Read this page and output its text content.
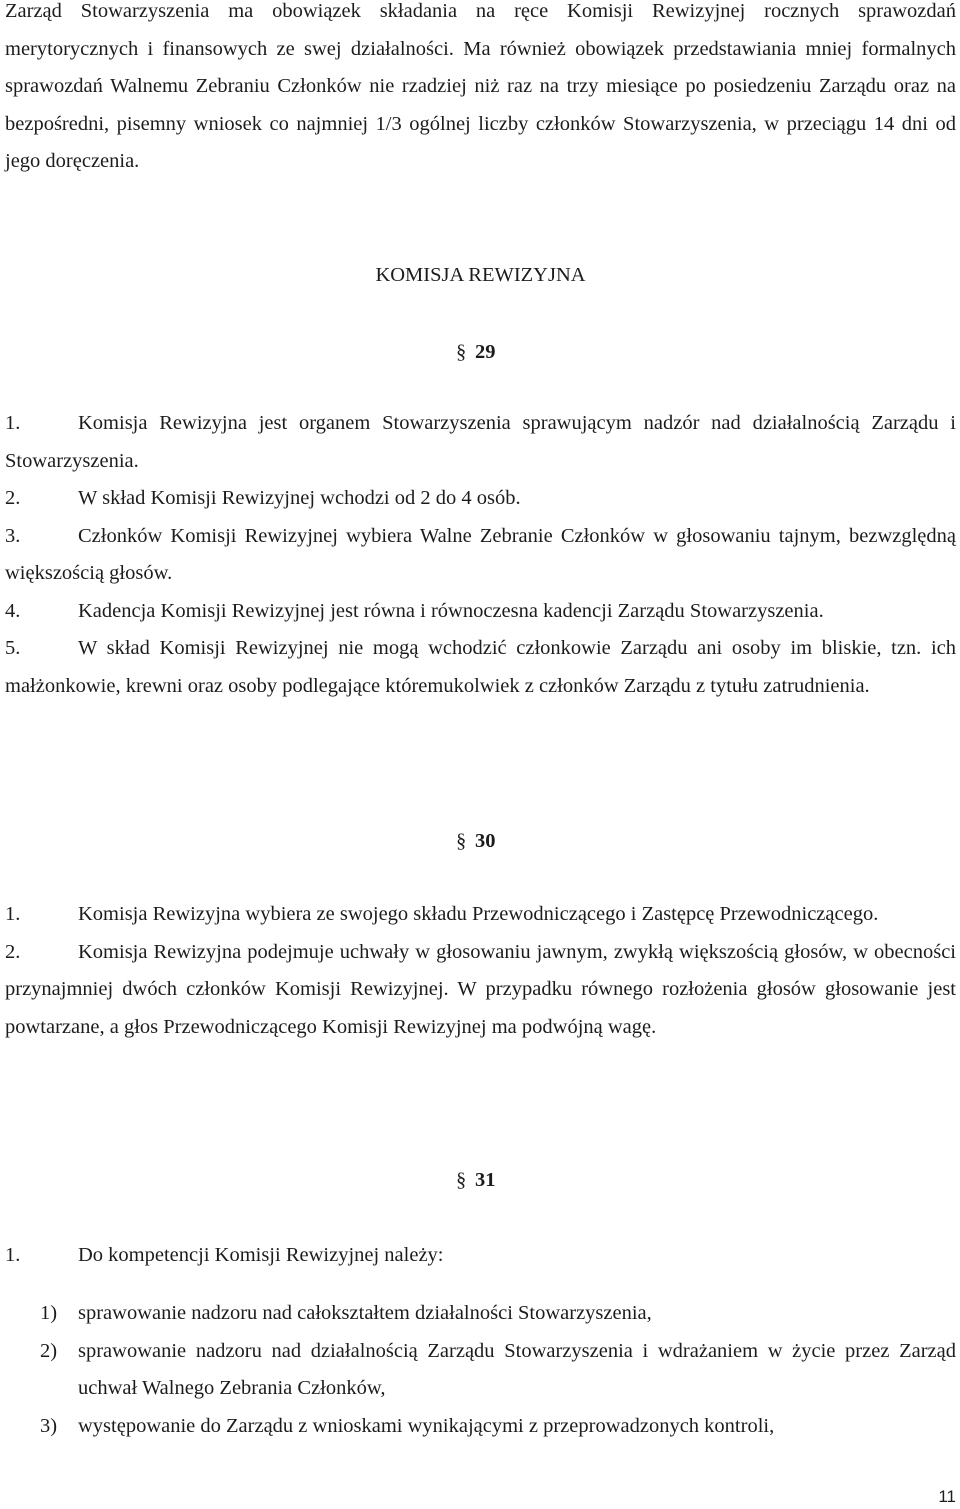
Zarząd Stowarzyszenia ma obowiązek składania na ręce Komisji Rewizyjnej rocznych sprawozdań merytorycznych i finansowych ze swej działalności. Ma również obowiązek przedstawiania mniej formalnych sprawozdań Walnemu Zebraniu Członków nie rzadziej niż raz na trzy miesiące po posiedzeniu Zarządu oraz na bezpośredni, pisemny wniosek co najmniej 1/3 ogólnej liczby członków Stowarzyszenia, w przeciągu 14 dni od jego doręczenia.

KOMISJA REWIZYJNA
§ 29

1.	Komisja Rewizyjna jest organem Stowarzyszenia sprawującym nadzór nad działalnością Zarządu i Stowarzyszenia.

2.	W skład Komisji Rewizyjnej wchodzi od 2 do 4 osób.

3.	Członków Komisji Rewizyjnej wybiera Walne Zebranie Członków w głosowaniu tajnym, bezwzględną większością głosów.

4.	Kadencja Komisji Rewizyjnej jest równa i równoczesna kadencji Zarządu Stowarzyszenia.

5.	W skład Komisji Rewizyjnej nie mogą wchodzić członkowie Zarządu ani osoby im bliskie, tzn. ich małżonkowie, krewni oraz osoby podlegające któremukolwiek z członków Zarządu z tytułu zatrudnienia.

§ 30

1.	Komisja Rewizyjna wybiera ze swojego składu Przewodniczącego i Zastępcę Przewodniczącego.

2.	Komisja Rewizyjna podejmuje uchwały w głosowaniu jawnym, zwykłą większością głosów, w obecności przynajmniej dwóch członków Komisji Rewizyjnej. W przypadku równego rozłożenia głosów głosowanie jest powtarzane, a głos Przewodniczącego Komisji Rewizyjnej ma podwójną wagę.

§ 31

1.	Do kompetencji Komisji Rewizyjnej należy:

1)	sprawowanie nadzoru nad całokształtem działalności Stowarzyszenia,
2)	sprawowanie nadzoru nad działalnością Zarządu Stowarzyszenia i wdrażaniem w życie przez Zarząd uchwał Walnego Zebrania Członków,
3)	występowanie do Zarządu z wnioskami wynikającymi z przeprowadzonych kontroli,
11
